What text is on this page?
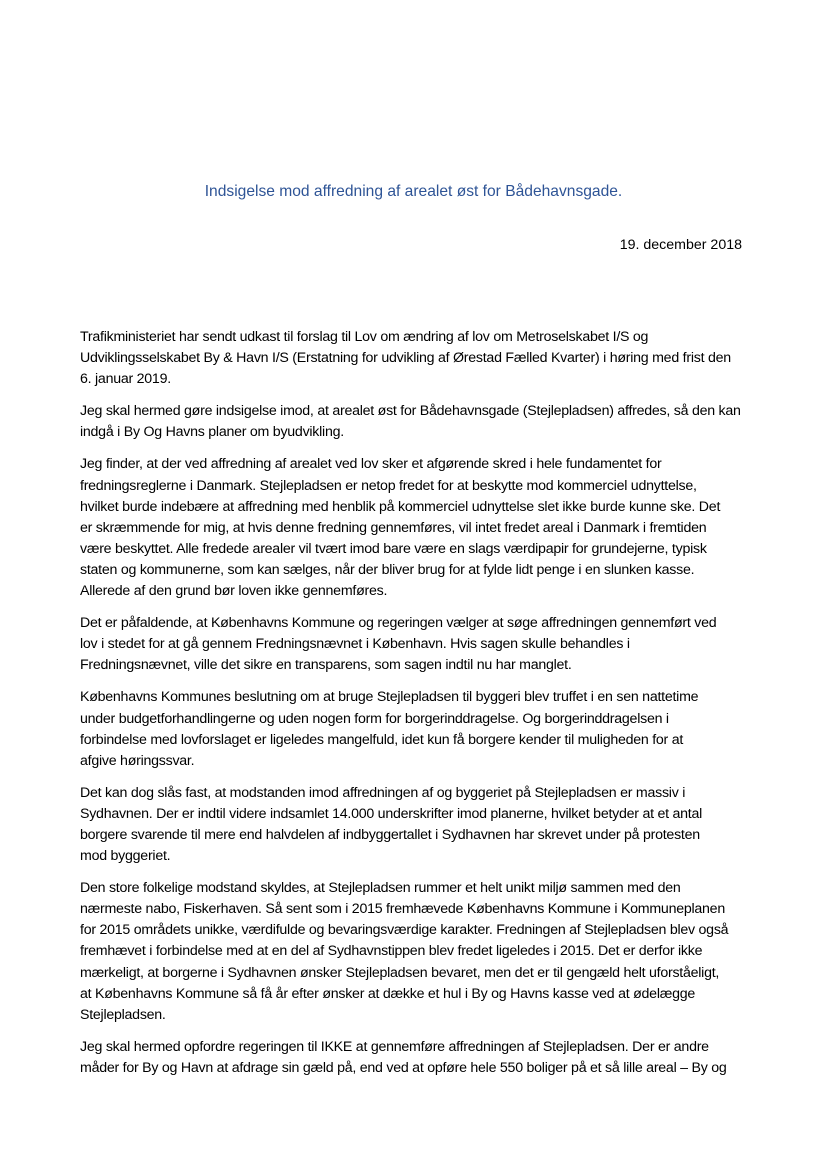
Indsigelse mod affredning af arealet øst for Bådehavnsgade.
19. december 2018

Trafikministeriet har sendt udkast til forslag til Lov om ændring af lov om Metroselskabet I/S og
Udviklingsselskabet By & Havn I/S (Erstatning for udvikling af Ørestad Fælled Kvarter) i høring med frist den
6. januar 2019.

Jeg skal hermed gøre indsigelse imod, at arealet øst for Bådehavnsgade (Stejlepladsen) affredes, så den kan
indgå i By Og Havns planer om byudvikling.

Jeg finder, at der ved affredning af arealet ved lov sker et afgørende skred i hele fundamentet for
fredningsreglerne i Danmark. Stejlepladsen er netop fredet for at beskytte mod kommerciel udnyttelse,
hvilket burde indebære at affredning med henblik på kommerciel udnyttelse slet ikke burde kunne ske. Det
er skræmmende for mig, at hvis denne fredning gennemføres, vil intet fredet areal i Danmark i fremtiden
være beskyttet. Alle fredede arealer vil tvært imod bare være en slags værdipapir for grundejerne, typisk
staten og kommunerne, som kan sælges, når der bliver brug for at fylde lidt penge i en slunken kasse.
Allerede af den grund bør loven ikke gennemføres.

Det er påfaldende, at Københavns Kommune og regeringen vælger at søge affredningen gennemført ved
lov i stedet for at gå gennem Fredningsnævnet i København. Hvis sagen skulle behandles i
Fredningsnævnet, ville det sikre en transparens, som sagen indtil nu har manglet.

Københavns Kommunes beslutning om at bruge Stejlepladsen til byggeri blev truffet i en sen nattetime
under budgetforhandlingerne og uden nogen form for borgerinddragelse. Og borgerinddragelsen i
forbindelse med lovforslaget er ligeledes mangelfuld, idet kun få borgere kender til muligheden for at
afgive høringssvar.

Det kan dog slås fast, at modstanden imod affredningen af og byggeriet på Stejlepladsen er massiv i
Sydhavnen. Der er indtil videre indsamlet 14.000 underskrifter imod planerne, hvilket betyder at et antal
borgere svarende til mere end halvdelen af indbyggertallet i Sydhavnen har skrevet under på protesten
mod byggeriet.

Den store folkelige modstand skyldes, at Stejlepladsen rummer et helt unikt miljø sammen med den
nærmeste nabo, Fiskerhaven. Så sent som i 2015 fremhævede Københavns Kommune i Kommuneplanen
for 2015 områdets unikke, værdifulde og bevaringsværdige karakter. Fredningen af Stejlepladsen blev også
fremhævet i forbindelse med at en del af Sydhavnstippen blev fredet ligeledes i 2015. Det er derfor ikke
mærkeligt, at borgerne i Sydhavnen ønsker Stejlepladsen bevaret, men det er til gengæld helt uforståeligt,
at Københavns Kommune så få år efter ønsker at dække et hul i By og Havns kasse ved at ødelægge
Stejlepladsen.

Jeg skal hermed opfordre regeringen til IKKE at gennemføre affredningen af Stejlepladsen. Der er andre
måder for By og Havn at afdrage sin gæld på, end ved at opføre hele 550 boliger på et så lille areal – By og
